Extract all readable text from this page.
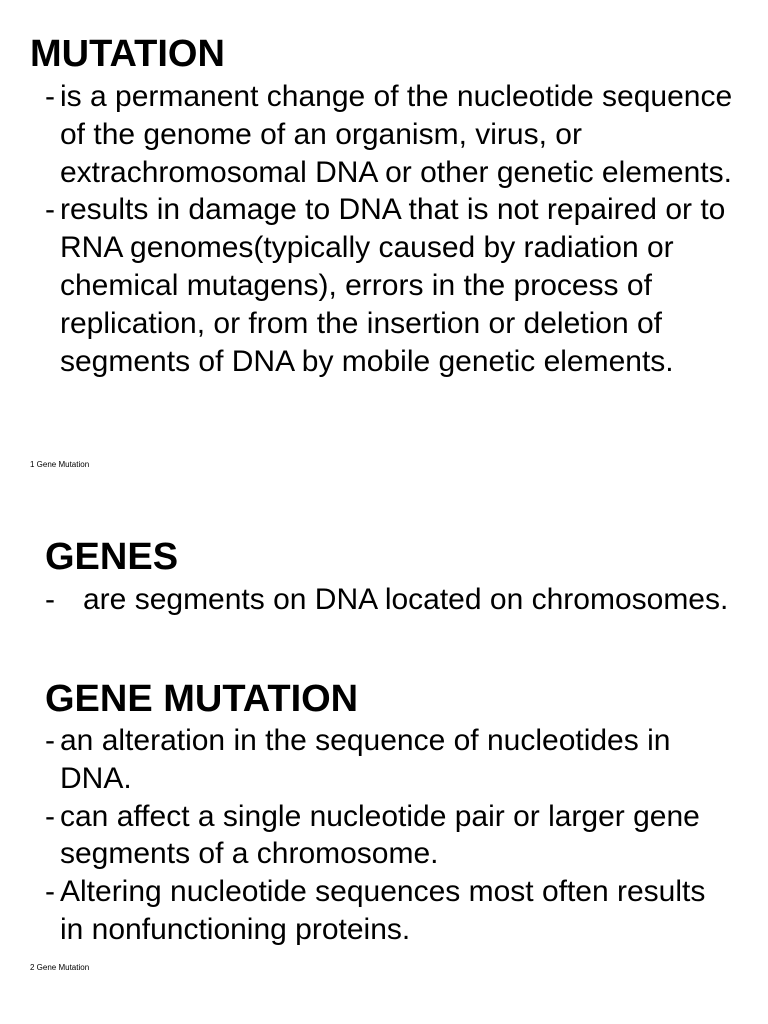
MUTATION
- is a permanent change of the nucleotide sequence of the genome of an organism, virus, or extrachromosomal DNA or other genetic elements.
- results in damage to DNA that is not repaired or to RNA genomes(typically caused by radiation or chemical mutagens), errors in the process of replication, or from the insertion or deletion of segments of DNA by mobile genetic elements.
1 Gene Mutation
GENES

- are segments on DNA located on chromosomes.

GENE MUTATION
- an alteration in the sequence of nucleotides in DNA.
- can affect a single nucleotide pair or larger gene segments of a chromosome.
- Altering nucleotide sequences most often results in nonfunctioning proteins.
2 Gene Mutation
